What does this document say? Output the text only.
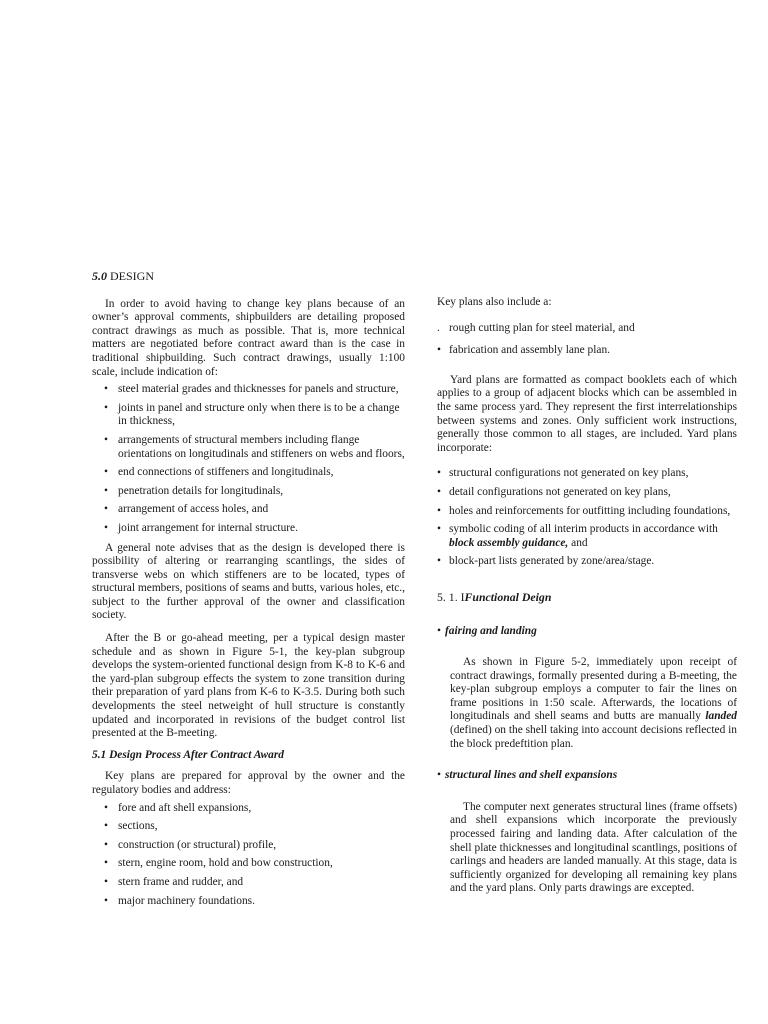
5.0 DESIGN

In order to avoid having to change key plans because of an owner’s approval comments, shipbuilders are detailing proposed contract drawings as much as possible. That is, more technical matters are negotiated before contract award than is the case in traditional shipbuilding. Such contract drawings, usually 1:100 scale, include indication of:

• steel material grades and thicknesses for panels and structure,
• joints in panel and structure only when there is to be a change in thickness,
• arrangements of structural members including flange orientations on longitudinals and stiffeners on webs and floors,
• end connections of stiffeners and longitudinals,
• penetration details for longitudinals,
• arrangement of access holes, and
• joint arrangement for internal structure.

A general note advises that as the design is developed there is possibility of altering or rearranging scantlings, the sides of transverse webs on which stiffeners are to be located, types of structural members, positions of seams and butts, various holes, etc., subject to the further approval of the owner and classification society.

After the B or go-ahead meeting, per a typical design master schedule and as shown in Figure 5-1, the key-plan subgroup develops the system-oriented functional design from K-8 to K-6 and the yard-plan subgroup effects the system to zone transition during their preparation of yard plans from K-6 to K-3.5. During both such developments the steel netweight of hull structure is constantly updated and incorporated in revisions of the budget control list presented at the B-meeting.

5.1 Design Process After Contract Award

Key plans are prepared for approval by the owner and the regulatory bodies and address:

• fore and aft shell expansions,
• sections,
• construction (or structural) profile,
• stern, engine room, hold and bow construction,
• stern frame and rudder, and
• major machinery foundations.

Key plans also include a:

. rough cutting plan for steel material, and
• fabrication and assembly lane plan.

Yard plans are formatted as compact booklets each of which applies to a group of adjacent blocks which can be assembled in the same process yard. They represent the first interrelationships between systems and zones. Only sufficient work instructions, generally those common to all stages, are included. Yard plans incorporate:

• structural configurations not generated on key plans,
• detail configurations not generated on key plans,
• holes and reinforcements for outfitting including foundations,
• symbolic coding of all interim products in accordance with block assembly guidance, and
• block-part lists generated by zone/area/stage.
5. 1. IFunctional Deign
• fairing and landing

As shown in Figure 5-2, immediately upon receipt of contract drawings, formally presented during a B-meeting, the key-plan subgroup employs a computer to fair the lines on frame positions in 1:50 scale. Afterwards, the locations of longitudinals and shell seams and butts are manually landed (defined) on the shell taking into account decisions reflected in the block predeftition plan.

• structural lines and shell expansions

The computer next generates structural lines (frame offsets) and shell expansions which incorporate the previously processed fairing and landing data. After calculation of the shell plate thicknesses and longitudinal scantlings, positions of carlings and headers are landed manually. At this stage, data is sufficiently organized for developing all remaining key plans and the yard plans. Only parts drawings are excepted.
